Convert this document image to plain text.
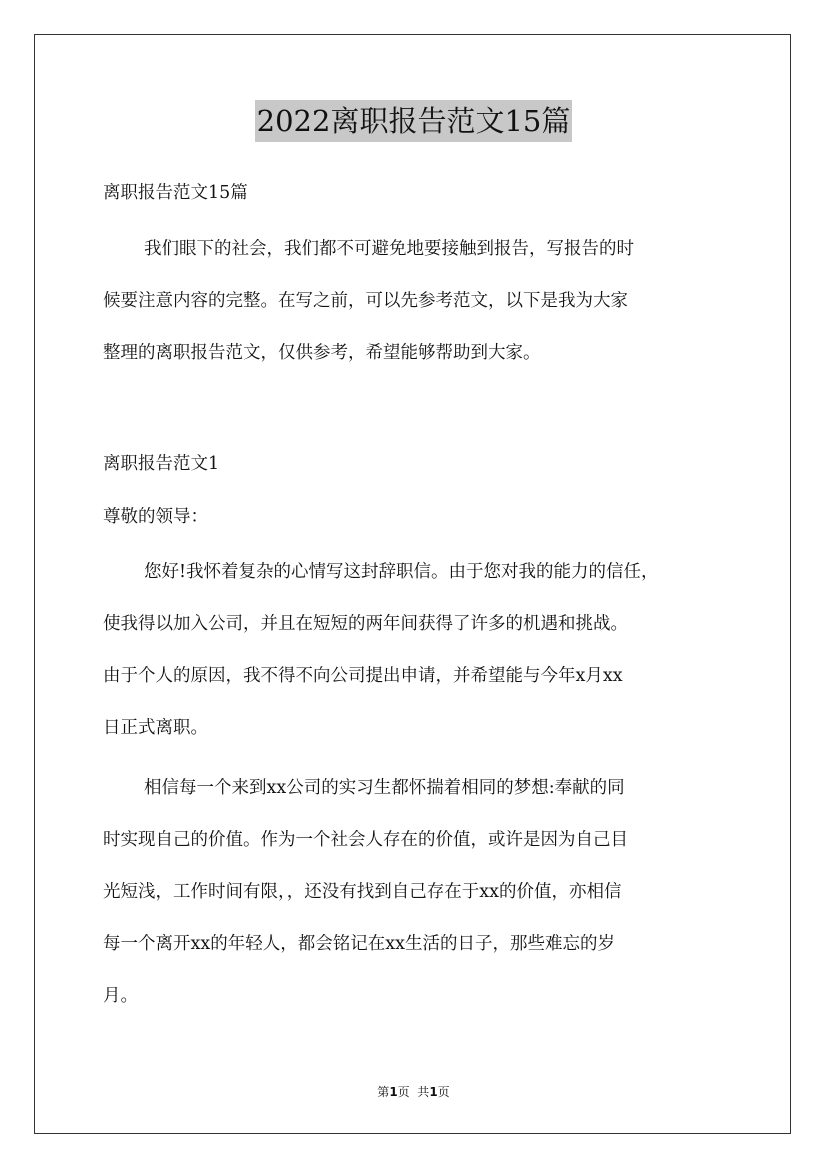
2022离职报告范文15篇
离职报告范文15篇
我们眼下的社会，我们都不可避免地要接触到报告，写报告的时
候要注意内容的完整。在写之前，可以先参考范文，以下是我为大家
整理的离职报告范文，仅供参考，希望能够帮助到大家。
离职报告范文1
尊敬的领导：
您好!我怀着复杂的心情写这封辞职信。由于您对我的能力的信任，
使我得以加入公司，并且在短短的两年间获得了许多的机遇和挑战。
由于个人的原因，我不得不向公司提出申请，并希望能与今年x月xx
日正式离职。
相信每一个来到xx公司的实习生都怀揣着相同的梦想:奉献的同
时实现自己的价值。作为一个社会人存在的价值，或许是因为自己目
光短浅，工作时间有限，，还没有找到自己存在于xx的价值，亦相信
每一个离开xx的年轻人，都会铭记在xx生活的日子，那些难忘的岁
月。
第1页  共1页
